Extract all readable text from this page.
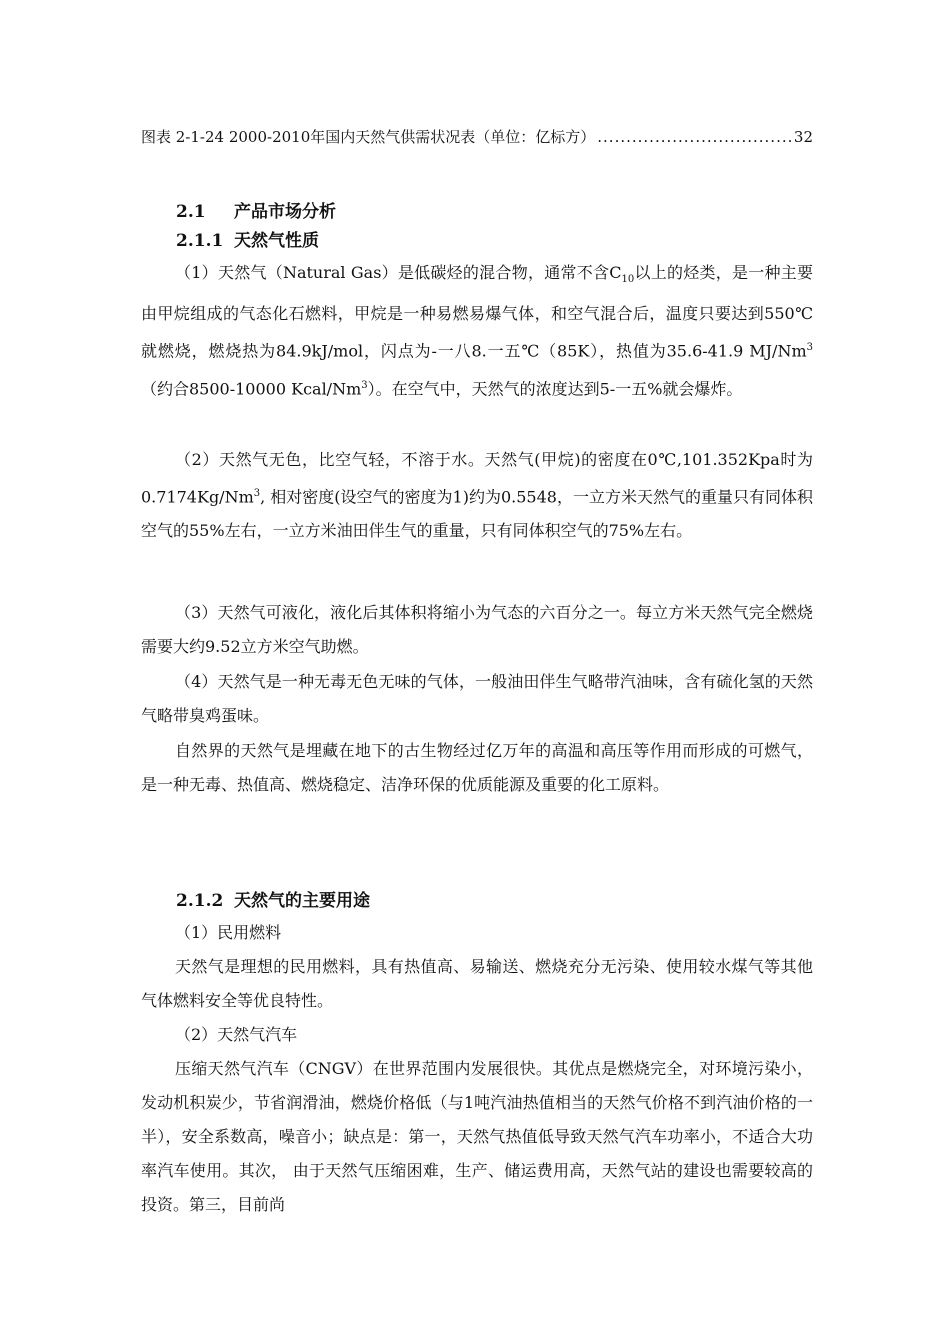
图表 2-1-24 2000-2010年国内天然气供需状况表（单位：亿标方）
.....	32
2.1 产品市场分析
2.1.1 天然气性质

（1）天然气（Natural Gas）是低碳烃的混合物，通常不含$C_{10}$以上的烃类，是一种主要由甲烷组成的气态化石燃料，甲烷是一种易燃易爆气体，和空气混合后，温度只要达到550℃就燃烧，燃烧热为84.9kJ/mol，闪点为-一八8.一五℃（85K），热值为35.6-41.9 MJ/Nm$^3$（约合8500-10000 Kcal/Nm$^3$）。在空气中，天然气的浓度达到5-一五%就会爆炸。

（2）天然气无色，比空气轻，不溶于水。天然气(甲烷)的密度在0℃,101.352Kpa时为0.7174Kg/Nm$^3$, 相对密度(设空气的密度为1)约为0.5548，一立方米天然气的重量只有同体积空气的55%左右，一立方米油田伴生气的重量，只有同体积空气的75%左右。

（3）天然气可液化，液化后其体积将缩小为气态的六百分之一。每立方米天然气完全燃烧需要大约9.52立方米空气助燃。

（4）天然气是一种无毒无色无味的气体，一般油田伴生气略带汽油味，含有硫化氢的天然气略带臭鸡蛋味。

自然界的天然气是埋藏在地下的古生物经过亿万年的高温和高压等作用而形成的可燃气，是一种无毒、热值高、燃烧稳定、洁净环保的优质能源及重要的化工原料。

2.1.2 天然气的主要用途

（1）民用燃料

天然气是理想的民用燃料，具有热值高、易输送、燃烧充分无污染、使用较水煤气等其他气体燃料安全等优良特性。

（2）天然气汽车

压缩天然气汽车（CNGV）在世界范围内发展很快。其优点是燃烧完全，对环境污染小，发动机积炭少，节省润滑油，燃烧价格低（与1吨汽油热值相当的天然气价格不到汽油价格的一半），安全系数高，噪音小；缺点是：第一，天然气热值低导致天然气汽车功率小，不适合大功率汽车使用。其次， 由于天然气压缩困难，生产、储运费用高，天然气站的建设也需要较高的投资。第三，目前尚
